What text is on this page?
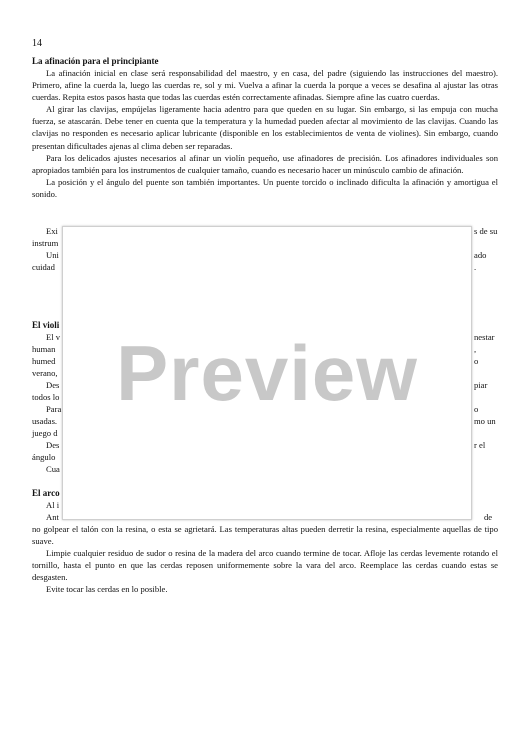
14
La afinación para el principiante

La afinación inicial en clase será responsabilidad del maestro, y en casa, del padre (siguiendo las instrucciones del maestro). Primero, afine la cuerda la, luego las cuerdas re, sol y mi. Vuelva a afinar la cuerda la porque a veces se desafina al ajustar las otras cuerdas. Repita estos pasos hasta que todas las cuerdas estén correctamente afinadas. Siempre afine las cuatro cuerdas.

Al girar las clavijas, empújelas ligeramente hacia adentro para que queden en su lugar. Sin embargo, si las empuja con mucha fuerza, se atascarán. Debe tener en cuenta que la temperatura y la humedad pueden afectar al movimiento de las clavijas. Cuando las clavijas no responden es necesario aplicar lubricante (disponible en los establecimientos de venta de violines). Sin embargo, cuando presentan dificultades ajenas al clima deben ser reparadas.

Para los delicados ajustes necesarios al afinar un violín pequeño, use afinadores de precisión. Los afinadores individuales son apropiados también para los instrumentos de cualquier tamaño, cuando es necesario hacer un minúsculo cambio de afinación.

La posición y el ángulo del puente son también importantes. Un puente torcido o inclinado dificulta la afinación y amortigua el sonido.

Exi	s de su
instrum
Uni	ado
cuidad	.
El violi
El v	nestar
human	,
humed	o
verano,
Des	piar
todos lo
Para	o
usadas.	mo un
juego d
Des	r el
ángulo
Cua
El arco
Al i
Ant	de

no golpear el talón con la resina, o esta se agrietará. Las temperaturas altas pueden derretir la resina, especialmente aquellas de tipo suave.

Limpie cualquier residuo de sudor o resina de la madera del arco cuando termine de tocar. Afloje las cerdas levemente rotando el tornillo, hasta el punto en que las cerdas reposen uniformemente sobre la vara del arco. Reemplace las cerdas cuando estas se desgasten.

Evite tocar las cerdas en lo posible.

Preview
